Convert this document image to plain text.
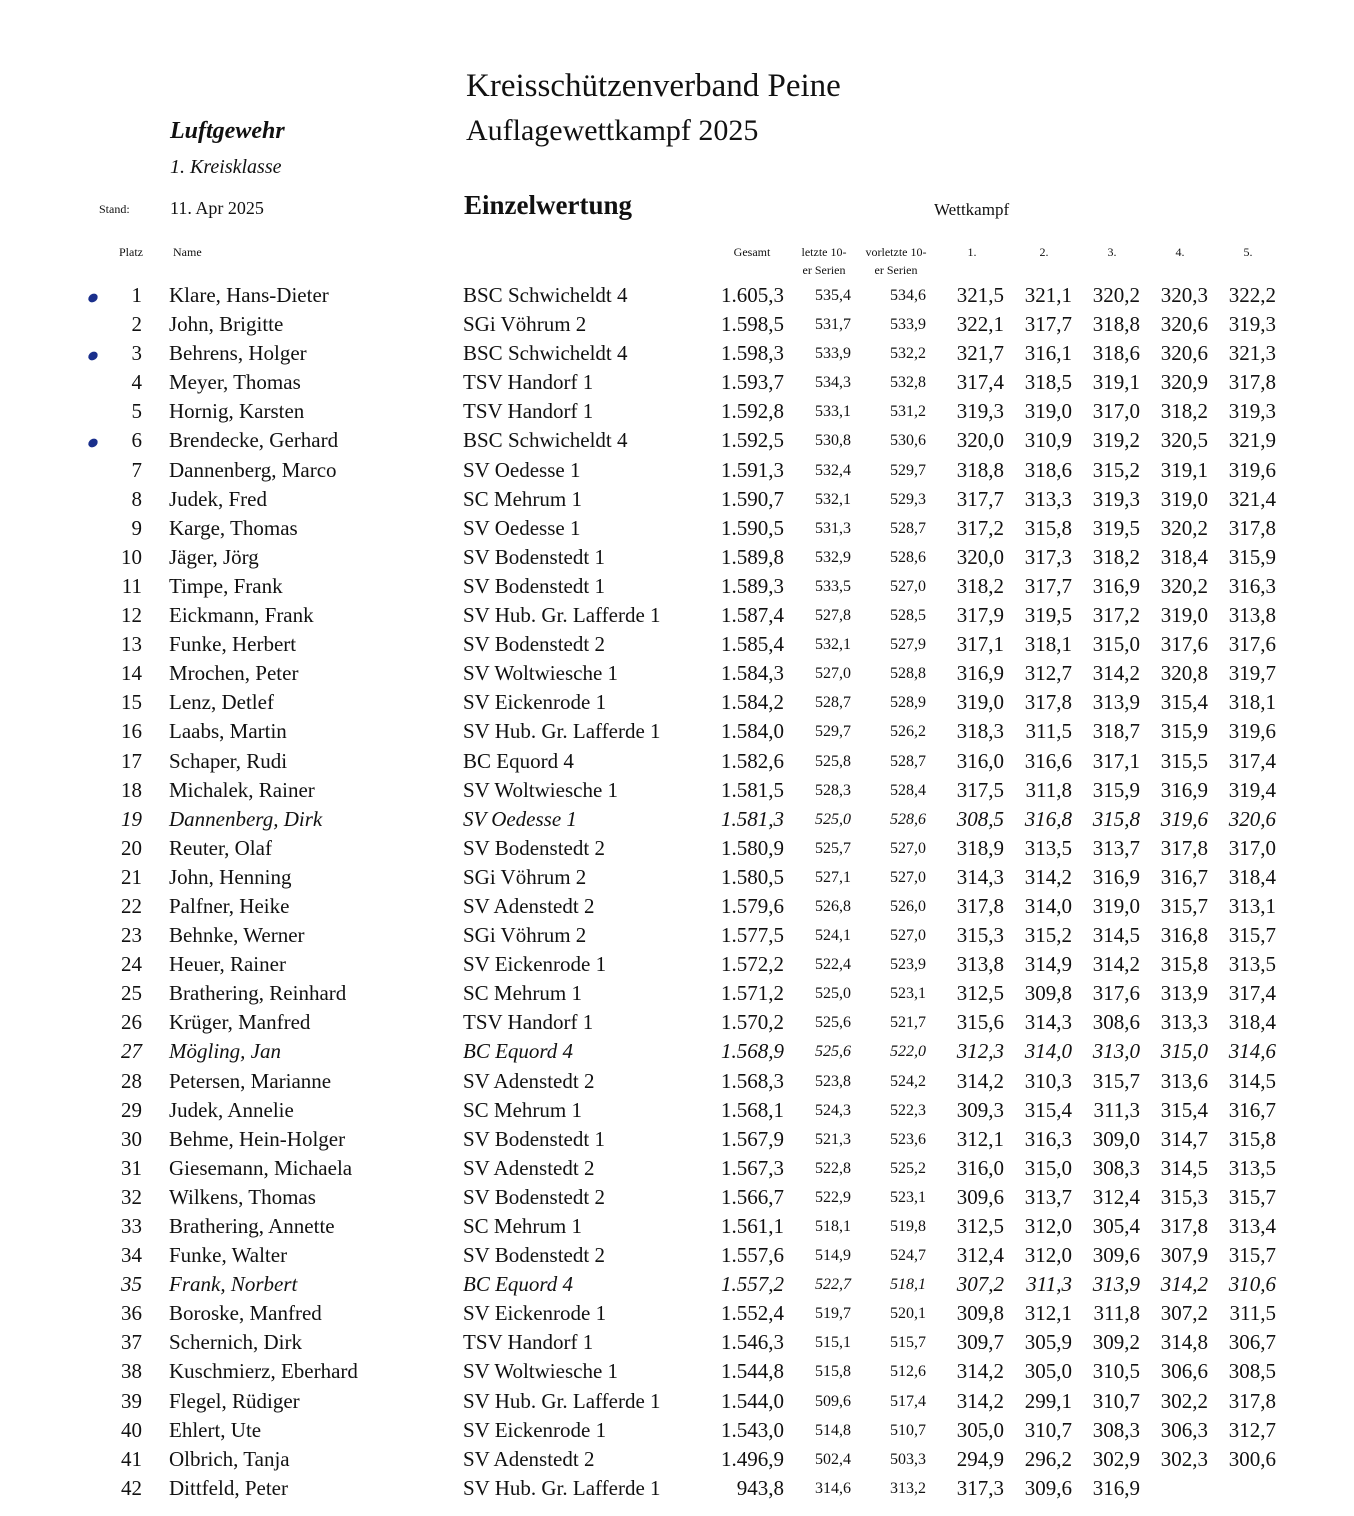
Kreisschützenverband Peine
Auflagewettkampf 2025
Luftgewehr
1. Kreisklasse
Stand: 11. Apr 2025	Einzelwertung	Wettkampf
Platz	Name	Gesamt	letzte 10-
er Serien
vorletzte 10-
er Serien
1.	2.	3.	4.	5.
1 Klare, Hans-Dieter	BSC Schwicheldt 4	1.605,3	535,4	534,6	321,5 321,1 320,2 320,3 322,2
2 John, Brigitte	SGi Vöhrum 2	1.598,5	531,7	533,9	322,1 317,7 318,8 320,6 319,3
3 Behrens, Holger	BSC Schwicheldt 4	1.598,3	533,9	532,2	321,7 316,1 318,6 320,6 321,3
4 Meyer, Thomas	TSV Handorf 1	1.593,7	534,3	532,8	317,4 318,5 319,1 320,9 317,8
5 Hornig, Karsten	TSV Handorf 1	1.592,8	533,1	531,2	319,3 319,0 317,0 318,2 319,3
6 Brendecke, Gerhard	BSC Schwicheldt 4	1.592,5	530,8	530,6	320,0 310,9 319,2 320,5 321,9
7 Dannenberg, Marco	SV Oedesse 1	1.591,3	532,4	529,7	318,8 318,6 315,2 319,1 319,6
8 Judek, Fred	SC Mehrum 1	1.590,7	532,1	529,3	317,7 313,3 319,3 319,0 321,4
9 Karge, Thomas	SV Oedesse 1	1.590,5	531,3	528,7	317,2 315,8 319,5 320,2 317,8
10 Jäger, Jörg	SV Bodenstedt 1	1.589,8	532,9	528,6	320,0 317,3 318,2 318,4 315,9
11 Timpe, Frank	SV Bodenstedt 1	1.589,3	533,5	527,0	318,2 317,7 316,9 320,2 316,3
12 Eickmann, Frank	SV Hub. Gr. Lafferde 1	1.587,4	527,8	528,5	317,9 319,5 317,2 319,0 313,8
13 Funke, Herbert	SV Bodenstedt 2	1.585,4	532,1	527,9	317,1 318,1 315,0 317,6 317,6
14 Mrochen, Peter	SV Woltwiesche 1	1.584,3	527,0	528,8	316,9 312,7 314,2 320,8 319,7
15 Lenz, Detlef	SV Eickenrode 1	1.584,2	528,7	528,9	319,0 317,8 313,9 315,4 318,1
16 Laabs, Martin	SV Hub. Gr. Lafferde 1	1.584,0	529,7	526,2	318,3	311,5 318,7 315,9 319,6
17 Schaper, Rudi	BC Equord 4	1.582,6	525,8	528,7	316,0 316,6 317,1 315,5 317,4
18 Michalek, Rainer	SV Woltwiesche 1	1.581,5	528,3	528,4	317,5	311,8 315,9 316,9 319,4
19 Dannenberg, Dirk	SV Oedesse 1	1.581,3	525,0	528,6	308,5 316,8 315,8 319,6 320,6
20 Reuter, Olaf	SV Bodenstedt 2	1.580,9	525,7	527,0	318,9 313,5 313,7 317,8 317,0
21 John, Henning	SGi Vöhrum 2	1.580,5	527,1	527,0	314,3 314,2 316,9 316,7 318,4
22 Palfner, Heike	SV Adenstedt 2	1.579,6	526,8	526,0	317,8 314,0 319,0 315,7 313,1
23 Behnke, Werner	SGi Vöhrum 2	1.577,5	524,1	527,0	315,3 315,2 314,5 316,8 315,7
24 Heuer, Rainer	SV Eickenrode 1	1.572,2	522,4	523,9	313,8 314,9 314,2 315,8 313,5
25 Brathering, Reinhard	SC Mehrum 1	1.571,2	525,0	523,1	312,5 309,8 317,6 313,9 317,4
26 Krüger, Manfred	TSV Handorf 1	1.570,2	525,6	521,7	315,6 314,3 308,6 313,3 318,4
27 Mögling, Jan	BC Equord 4	1.568,9	525,6	522,0	312,3 314,0 313,0 315,0 314,6
28 Petersen, Marianne	SV Adenstedt 2	1.568,3	523,8	524,2	314,2 310,3 315,7 313,6 314,5
29 Judek, Annelie	SC Mehrum 1	1.568,1	524,3	522,3	309,3 315,4	311,3 315,4 316,7
30 Behme, Hein-Holger	SV Bodenstedt 1	1.567,9	521,3	523,6	312,1 316,3 309,0 314,7 315,8
31 Giesemann, Michaela	SV Adenstedt 2	1.567,3	522,8	525,2	316,0 315,0 308,3 314,5 313,5
32 Wilkens, Thomas	SV Bodenstedt 2	1.566,7	522,9	523,1	309,6 313,7 312,4 315,3 315,7
33 Brathering, Annette	SC Mehrum 1	1.561,1	518,1	519,8	312,5 312,0 305,4 317,8 313,4
34 Funke, Walter	SV Bodenstedt 2	1.557,6	514,9	524,7	312,4 312,0 309,6 307,9 315,7
35 Frank, Norbert	BC Equord 4	1.557,2	522,7	518,1	307,2	311,3 313,9 314,2 310,6
36 Boroske, Manfred	SV Eickenrode 1	1.552,4	519,7	520,1	309,8 312,1	311,8 307,2	311,5
37 Schernich, Dirk	TSV Handorf 1	1.546,3	515,1	515,7	309,7 305,9 309,2 314,8 306,7
38 Kuschmierz, Eberhard	SV Woltwiesche 1	1.544,8	515,8	512,6	314,2 305,0 310,5 306,6 308,5
39 Flegel, Rüdiger	SV Hub. Gr. Lafferde 1	1.544,0	509,6	517,4	314,2 299,1 310,7 302,2 317,8
40 Ehlert, Ute	SV Eickenrode 1	1.543,0	514,8	510,7	305,0 310,7 308,3 306,3 312,7
41 Olbrich, Tanja	SV Adenstedt 2	1.496,9	502,4	503,3	294,9 296,2 302,9 302,3 300,6
42 Dittfeld, Peter	SV Hub. Gr. Lafferde 1	943,8	314,6	313,2	317,3 309,6 316,9
